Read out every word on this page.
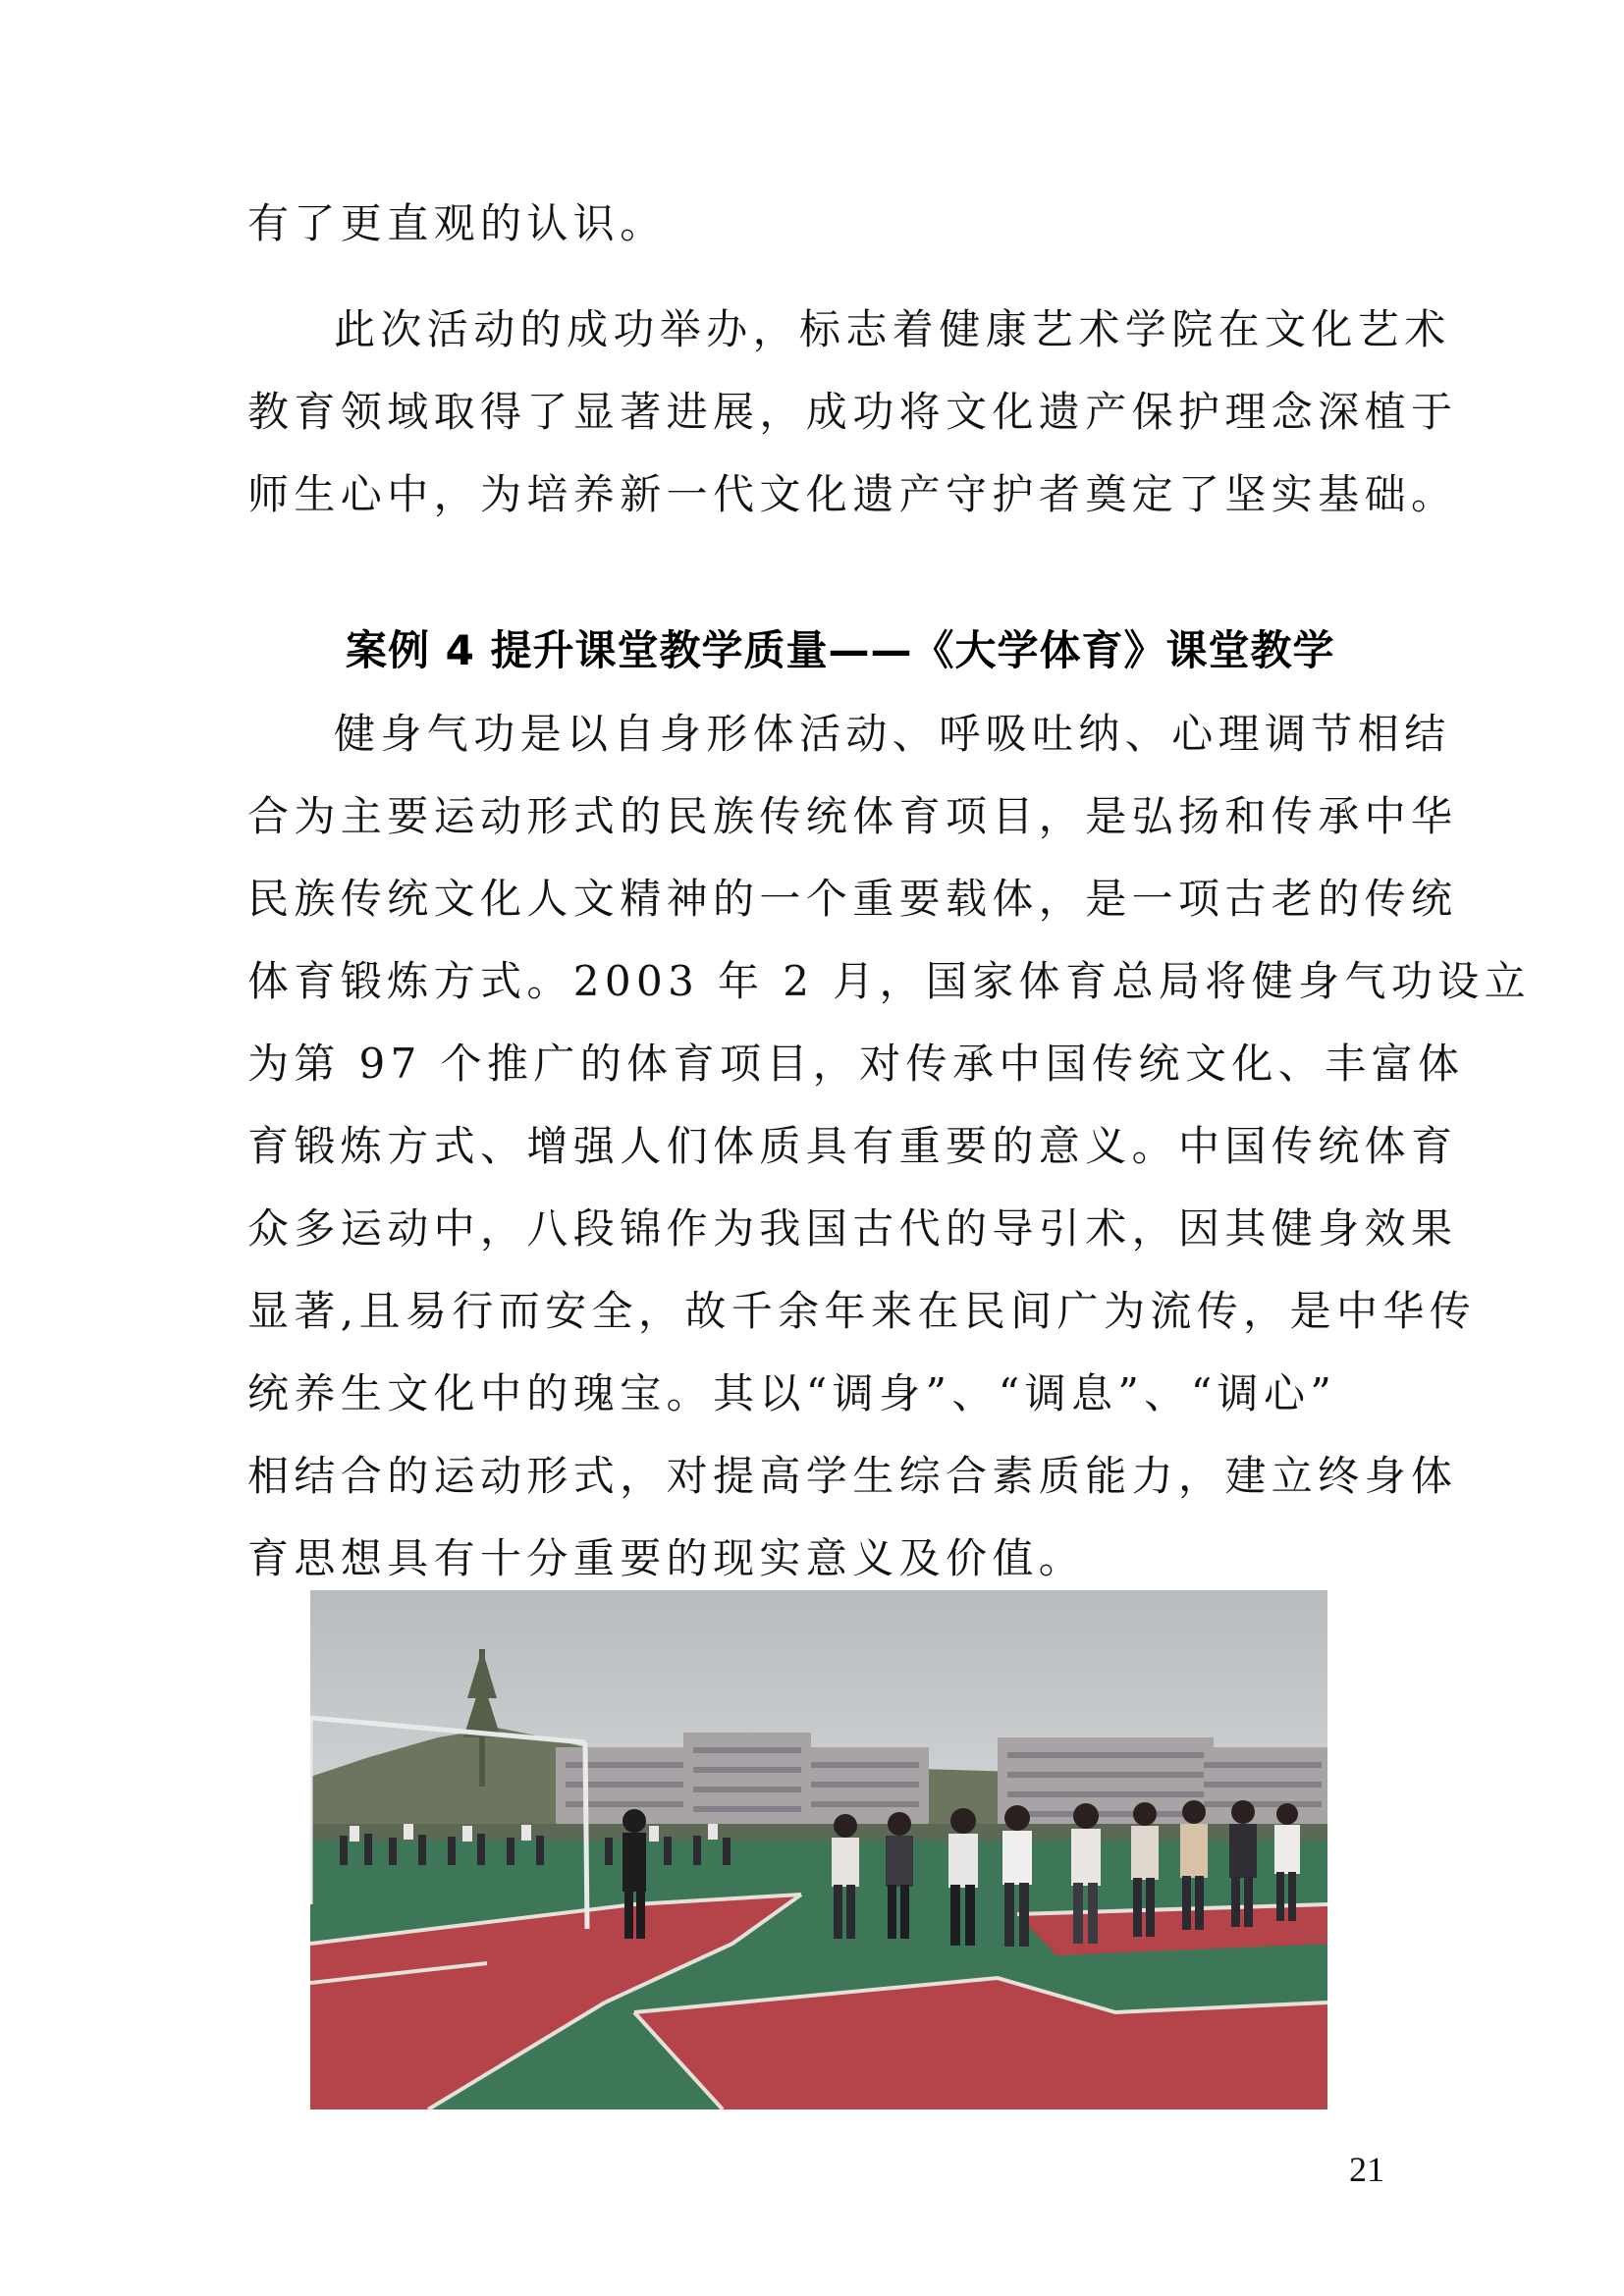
有了更直观的认识。
此次活动的成功举办，标志着健康艺术学院在文化艺术
教育领域取得了显著进展，成功将文化遗产保护理念深植于
师生心中，为培养新一代文化遗产守护者奠定了坚实基础。
案例 4 提升课堂教学质量——《大学体育》课堂教学
健身气功是以自身形体活动、呼吸吐纳、心理调节相结
合为主要运动形式的民族传统体育项目，是弘扬和传承中华
民族传统文化人文精神的一个重要载体，是一项古老的传统
体育锻炼方式。2003 年 2 月，国家体育总局将健身气功设立
为第 97 个推广的体育项目，对传承中国传统文化、丰富体
育锻炼方式、增强人们体质具有重要的意义。中国传统体育
众多运动中，八段锦作为我国古代的导引术，因其健身效果
显著,且易行而安全，故千余年来在民间广为流传，是中华传
统养生文化中的瑰宝。其以“调身”、“调息”、“调心”
相结合的运动形式，对提高学生综合素质能力，建立终身体
育思想具有十分重要的现实意义及价值。
21
